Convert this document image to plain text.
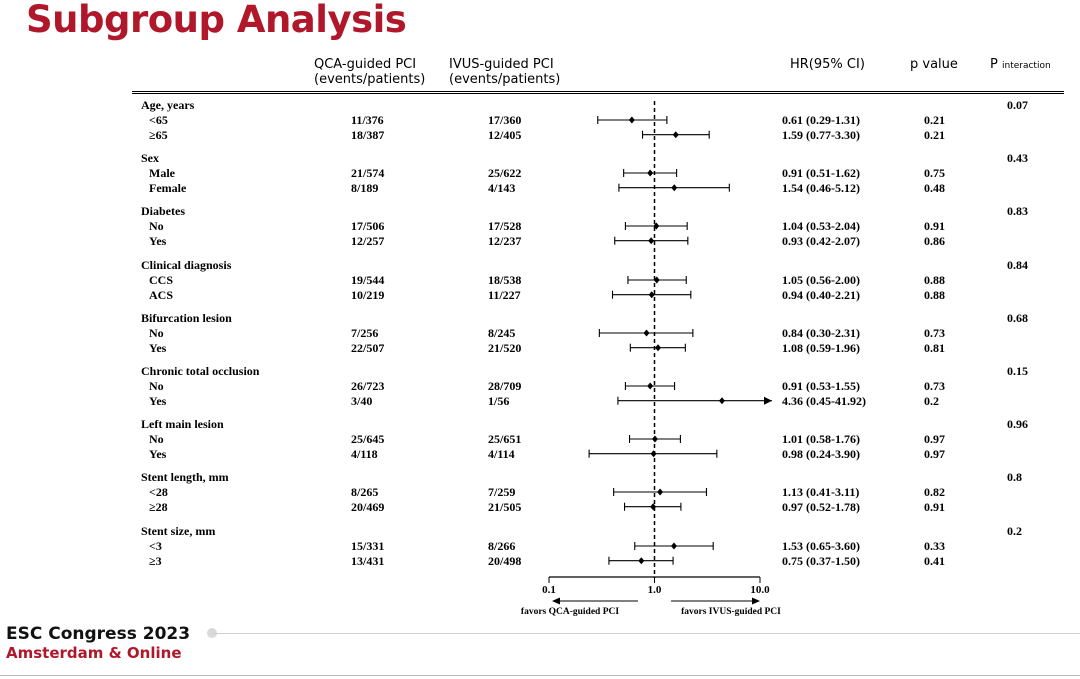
Subgroup Analysis
QCA-guided PCI
(events/patients)
IVUS-guided PCI
(events/patients)
HR(95% CI)	p value P interaction
Age, years	0.07
<65	11/376	17/360	0.61 (0.29-1.31)	0.21
≥65	18/387	12/405	1.59 (0.77-3.30)	0.21
Sex	0.43
Male	21/574	25/622	0.91 (0.51-1.62)	0.75
Female	8/189	4/143	1.54 (0.46-5.12)	0.48
Diabetes	0.83
No	17/506	17/528	1.04 (0.53-2.04)	0.91
Yes	12/257	12/237	0.93 (0.42-2.07)	0.86
Clinical diagnosis	0.84
CCS	19/544	18/538	1.05 (0.56-2.00)	0.88
ACS	10/219	11/227	0.94 (0.40-2.21)	0.88
Bifurcation lesion	0.68
No	7/256	8/245	0.84 (0.30-2.31)	0.73
Yes	22/507	21/520	1.08 (0.59-1.96)	0.81
Chronic total occlusion	0.15
No	26/723	28/709	0.91 (0.53-1.55)	0.73
Yes	3/40	1/56	4.36 (0.45-41.92)	0.2
Left main lesion	0.96
No	25/645	25/651	1.01 (0.58-1.76)	0.97
Yes	4/118	4/114	0.98 (0.24-3.90)	0.97
Stent length, mm	0.8
<28	8/265	7/259	1.13 (0.41-3.11)	0.82
≥28	20/469	21/505	0.97 (0.52-1.78)	0.91
Stent size, mm	0.2
<3	15/331	8/266	1.53 (0.65-3.60)	0.33
≥3	13/431	20/498	0.75 (0.37-1.50)	0.41
0.1	1.0	10.0
favors QCA-guided PCI	favors IVUS-guided PCI
ESC Congress 2023
Amsterdam & Online
